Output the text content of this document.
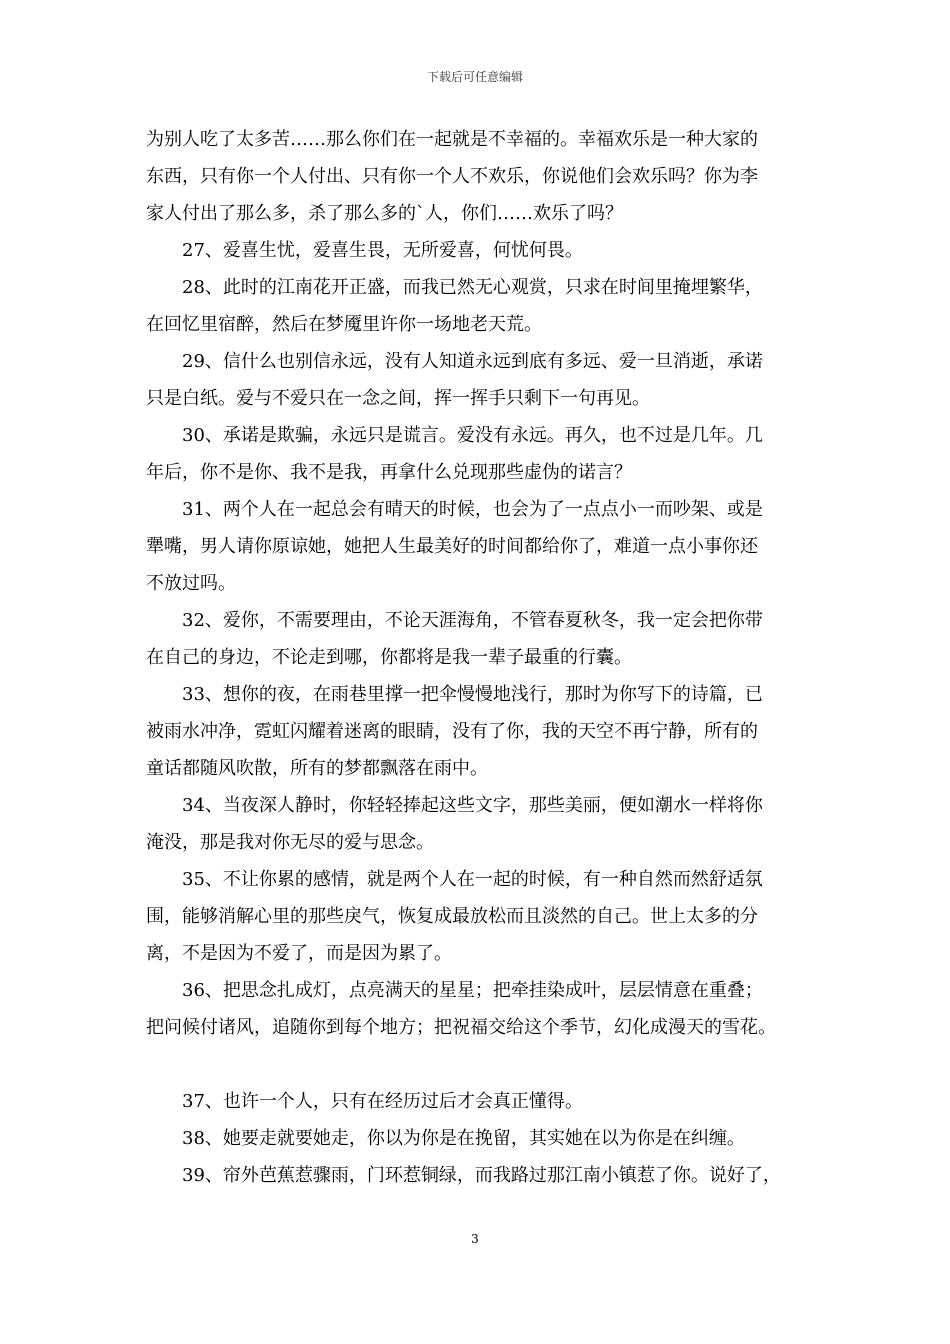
下载后可任意编辑
为别人吃了太多苦……那么你们在一起就是不幸福的。幸福欢乐是一种大家的
东西，只有你一个人付出、只有你一个人不欢乐，你说他们会欢乐吗？你为李
家人付出了那么多，杀了那么多的`人，你们……欢乐了吗？
27、爱喜生忧，爱喜生畏，无所爱喜，何忧何畏。
28、此时的江南花开正盛，而我已然无心观赏，只求在时间里掩埋繁华，
在回忆里宿醉，然后在梦魇里许你一场地老天荒。
29、信什么也别信永远，没有人知道永远到底有多远、爱一旦消逝，承诺
只是白纸。爱与不爱只在一念之间，挥一挥手只剩下一句再见。
30、承诺是欺骗，永远只是谎言。爱没有永远。再久，也不过是几年。几
年后，你不是你、我不是我，再拿什么兑现那些虚伪的诺言？
31、两个人在一起总会有晴天的时候，也会为了一点点小一而吵架、或是
犟嘴，男人请你原谅她，她把人生最美好的时间都给你了，难道一点小事你还
不放过吗。
32、爱你，不需要理由，不论天涯海角，不管春夏秋冬，我一定会把你带
在自己的身边，不论走到哪，你都将是我一辈子最重的行囊。
33、想你的夜，在雨巷里撑一把伞慢慢地浅行，那时为你写下的诗篇，已
被雨水冲净，霓虹闪耀着迷离的眼睛，没有了你，我的天空不再宁静，所有的
童话都随风吹散，所有的梦都飘落在雨中。
34、当夜深人静时，你轻轻捧起这些文字，那些美丽，便如潮水一样将你
淹没，那是我对你无尽的爱与思念。
35、不让你累的感情，就是两个人在一起的时候，有一种自然而然舒适氛
围，能够消解心里的那些戾气，恢复成最放松而且淡然的自己。世上太多的分
离，不是因为不爱了，而是因为累了。
36、把思念扎成灯，点亮满天的星星；把牵挂染成叶，层层情意在重叠；
把问候付诸风，追随你到每个地方；把祝福交给这个季节，幻化成漫天的雪花。
37、也许一个人，只有在经历过后才会真正懂得。
38、她要走就要她走，你以为你是在挽留，其实她在以为你是在纠缠。
39、帘外芭蕉惹骤雨，门环惹铜绿，而我路过那江南小镇惹了你。说好了，
3
